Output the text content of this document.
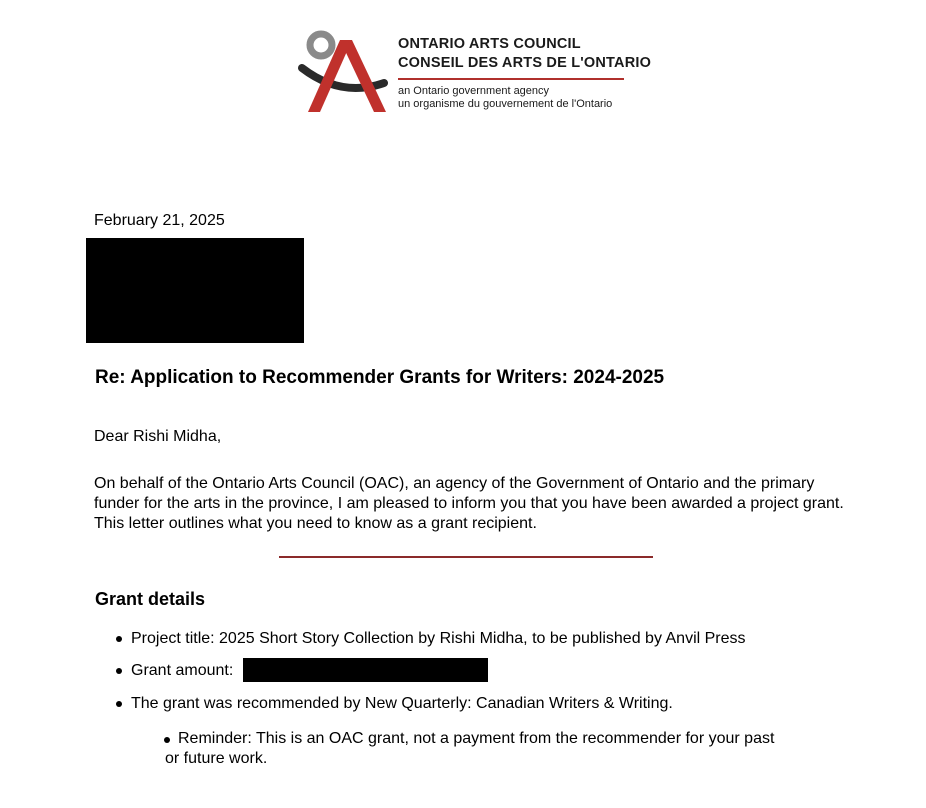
ONTARIO ARTS COUNCIL
CONSEIL DES ARTS DE L'ONTARIO
an Ontario government agency
un organisme du gouvernement de l'Ontario
February 21, 2025
Re: Application to Recommender Grants for Writers: 2024-2025
Dear Rishi Midha,
On behalf of the Ontario Arts Council (OAC), an agency of the Government of Ontario and the primary funder for the arts in the province, I am pleased to inform you that you have been awarded a project grant. This letter outlines what you need to know as a grant recipient.
Grant details
Project title: 2025 Short Story Collection by Rishi Midha, to be published by Anvil Press
Grant amount:
The grant was recommended by New Quarterly: Canadian Writers & Writing.
Reminder: This is an OAC grant, not a payment from the recommender for your past
or future work.
